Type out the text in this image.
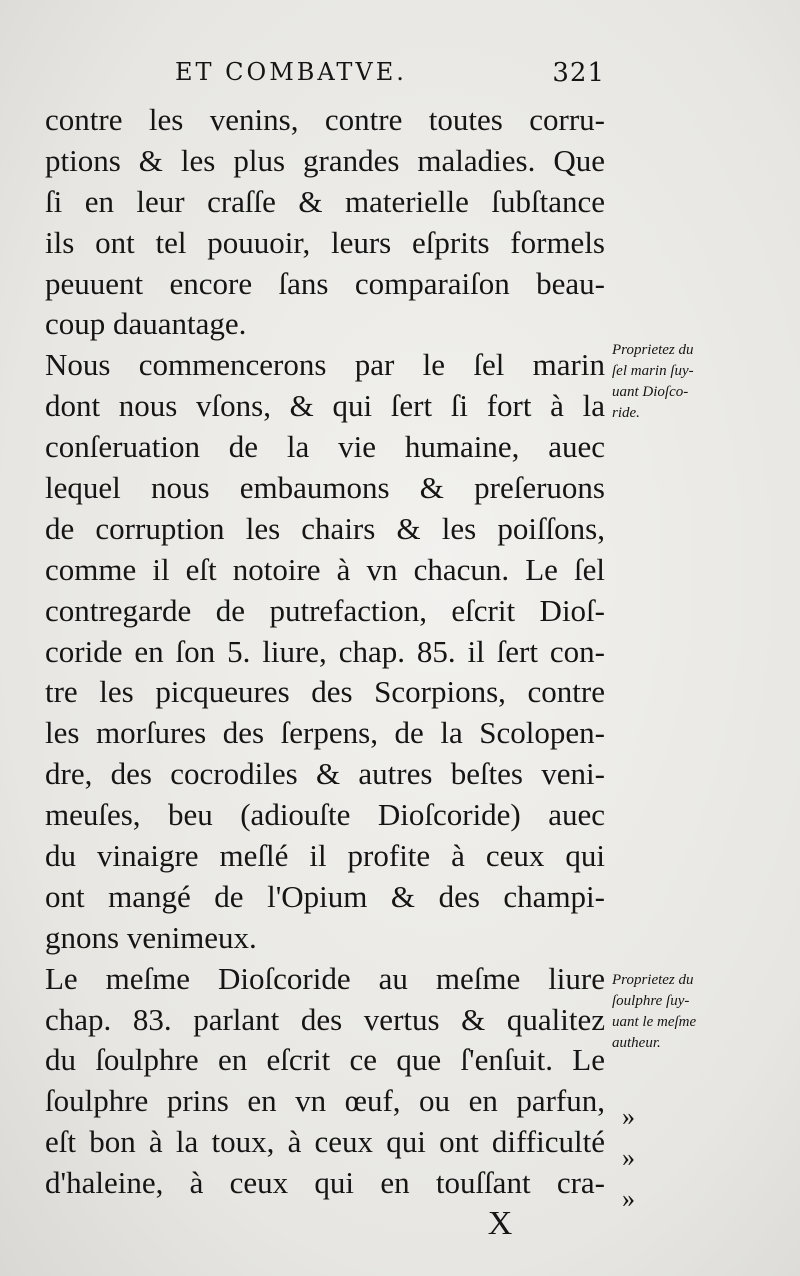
ET COMBATVE.	321
contre les venins, contre toutes corru-
ptions & les plus grandes maladies. Que
ſi en leur craſſe & materielle ſubſtance
ils ont tel pouuoir, leurs eſprits formels
peuuent encore ſans comparaiſon beau-
coup dauantage.
Nous commencerons par le ſel marin
dont nous vſons, & qui ſert ſi fort à la
conſeruation de la vie humaine, auec
lequel nous embaumons & preſeruons
de corruption les chairs & les poiſſons,
comme il eſt notoire à vn chacun. Le ſel
contregarde de putrefaction, eſcrit Dioſ-
coride en ſon 5. liure, chap. 85. il ſert con-
tre les picqueures des Scorpions, contre
les morſures des ſerpens, de la Scolopen-
dre, des cocrodiles & autres beſtes veni-
meuſes, beu (adiouſte Dioſcoride) auec
du vinaigre meſlé il profite à ceux qui
ont mangé de l'Opium & des champi-
gnons venimeux.
Le meſme Dioſcoride au meſme liure
chap. 83. parlant des vertus & qualitez
du ſoulphre en eſcrit ce que ſ'enſuit. Le
ſoulphre prins en vn œuf, ou en parfun,
eſt bon à la toux, à ceux qui ont difficulté
d'haleine, à ceux qui en touſſant cra-
Proprietez du
ſel marin ſuy-
uant Dioſco-
ride.
Proprietez du
ſoulphre ſuy-
uant le meſme
autheur.
»
»
»
X
